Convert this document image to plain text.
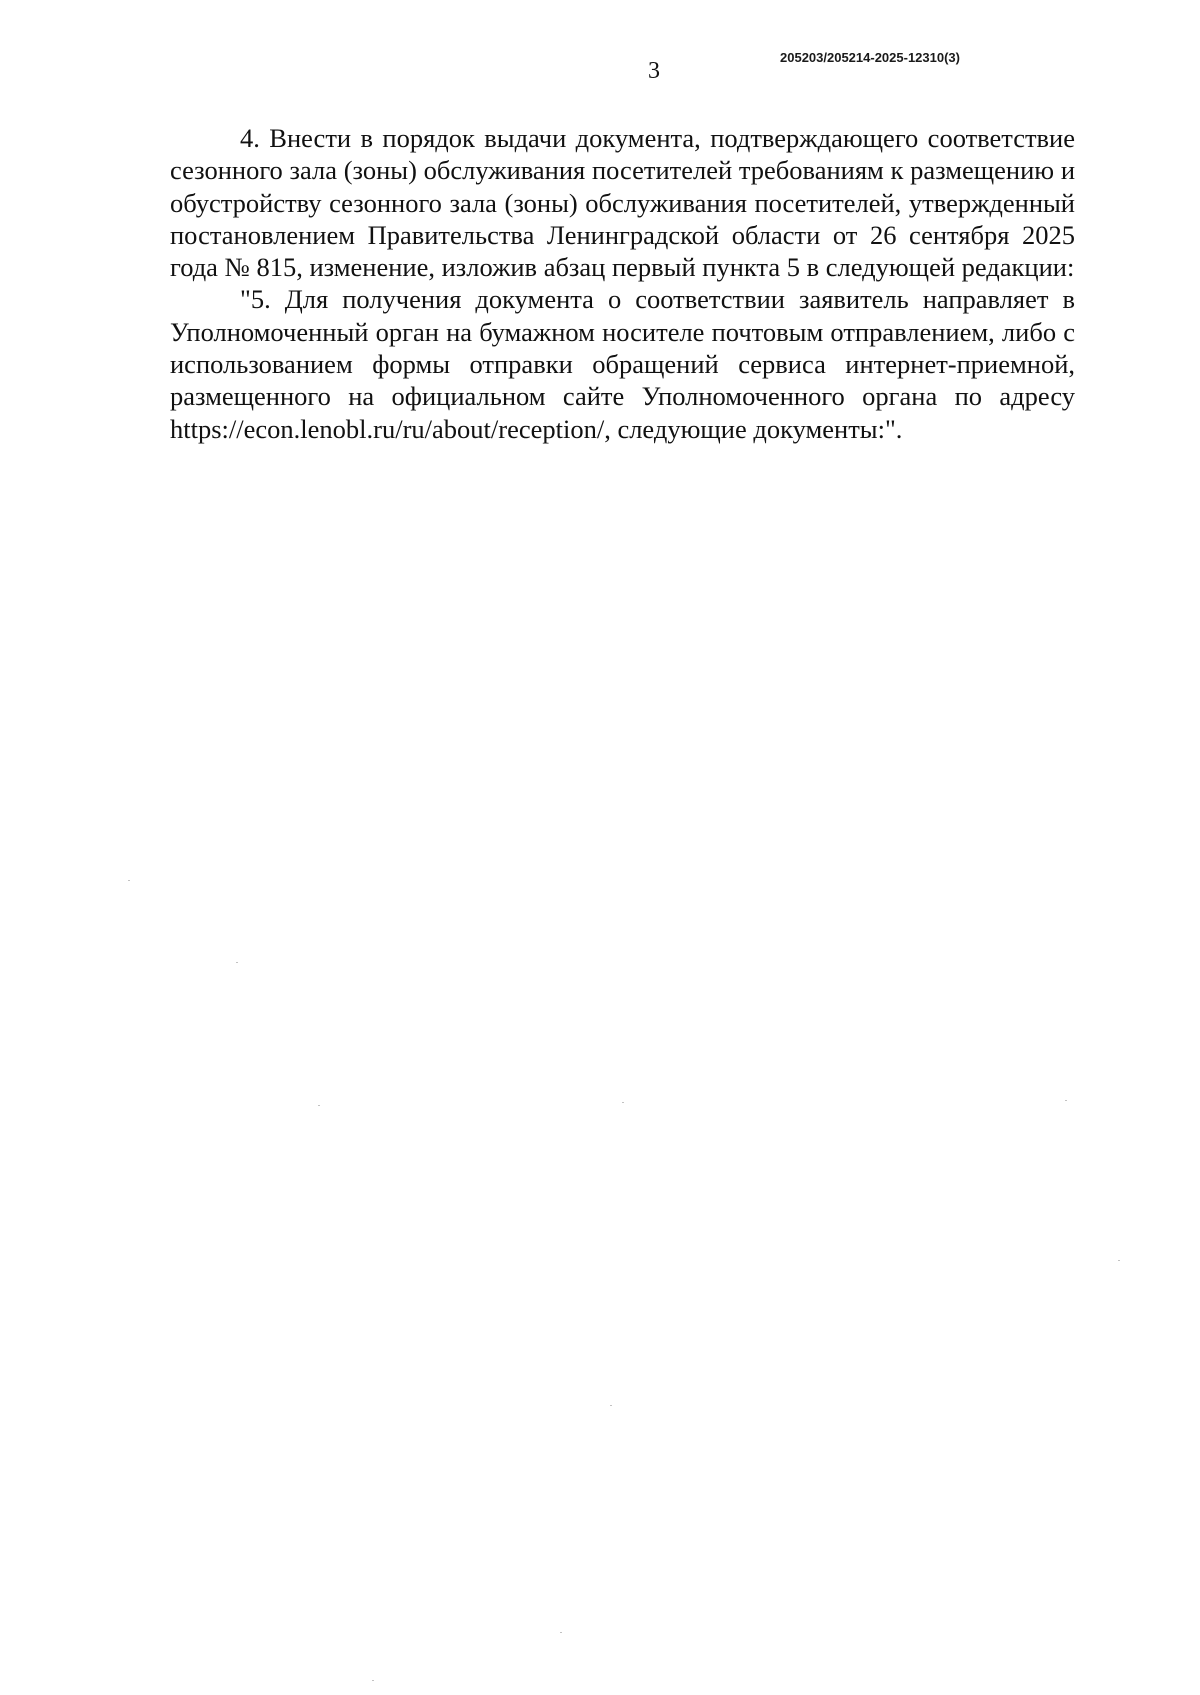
205203/205214-2025-12310(3)
3

4. Внести в порядок выдачи документа, подтверждающего соответствие сезонного зала (зоны) обслуживания посетителей требованиям к размещению и обустройству сезонного зала (зоны) обслуживания посетителей, утвержденный постановлением Правительства Ленинградской области от 26 сентября 2025 года № 815, изменение, изложив абзац первый пункта 5 в следующей редакции:

"5. Для получения документа о соответствии заявитель направляет в Уполномоченный орган на бумажном носителе почтовым отправлением, либо с использованием формы отправки обращений сервиса интернет-приемной, размещенного на официальном сайте Уполномоченного органа по адресу https://econ.lenobl.ru/ru/about/reception/, следующие документы:".
